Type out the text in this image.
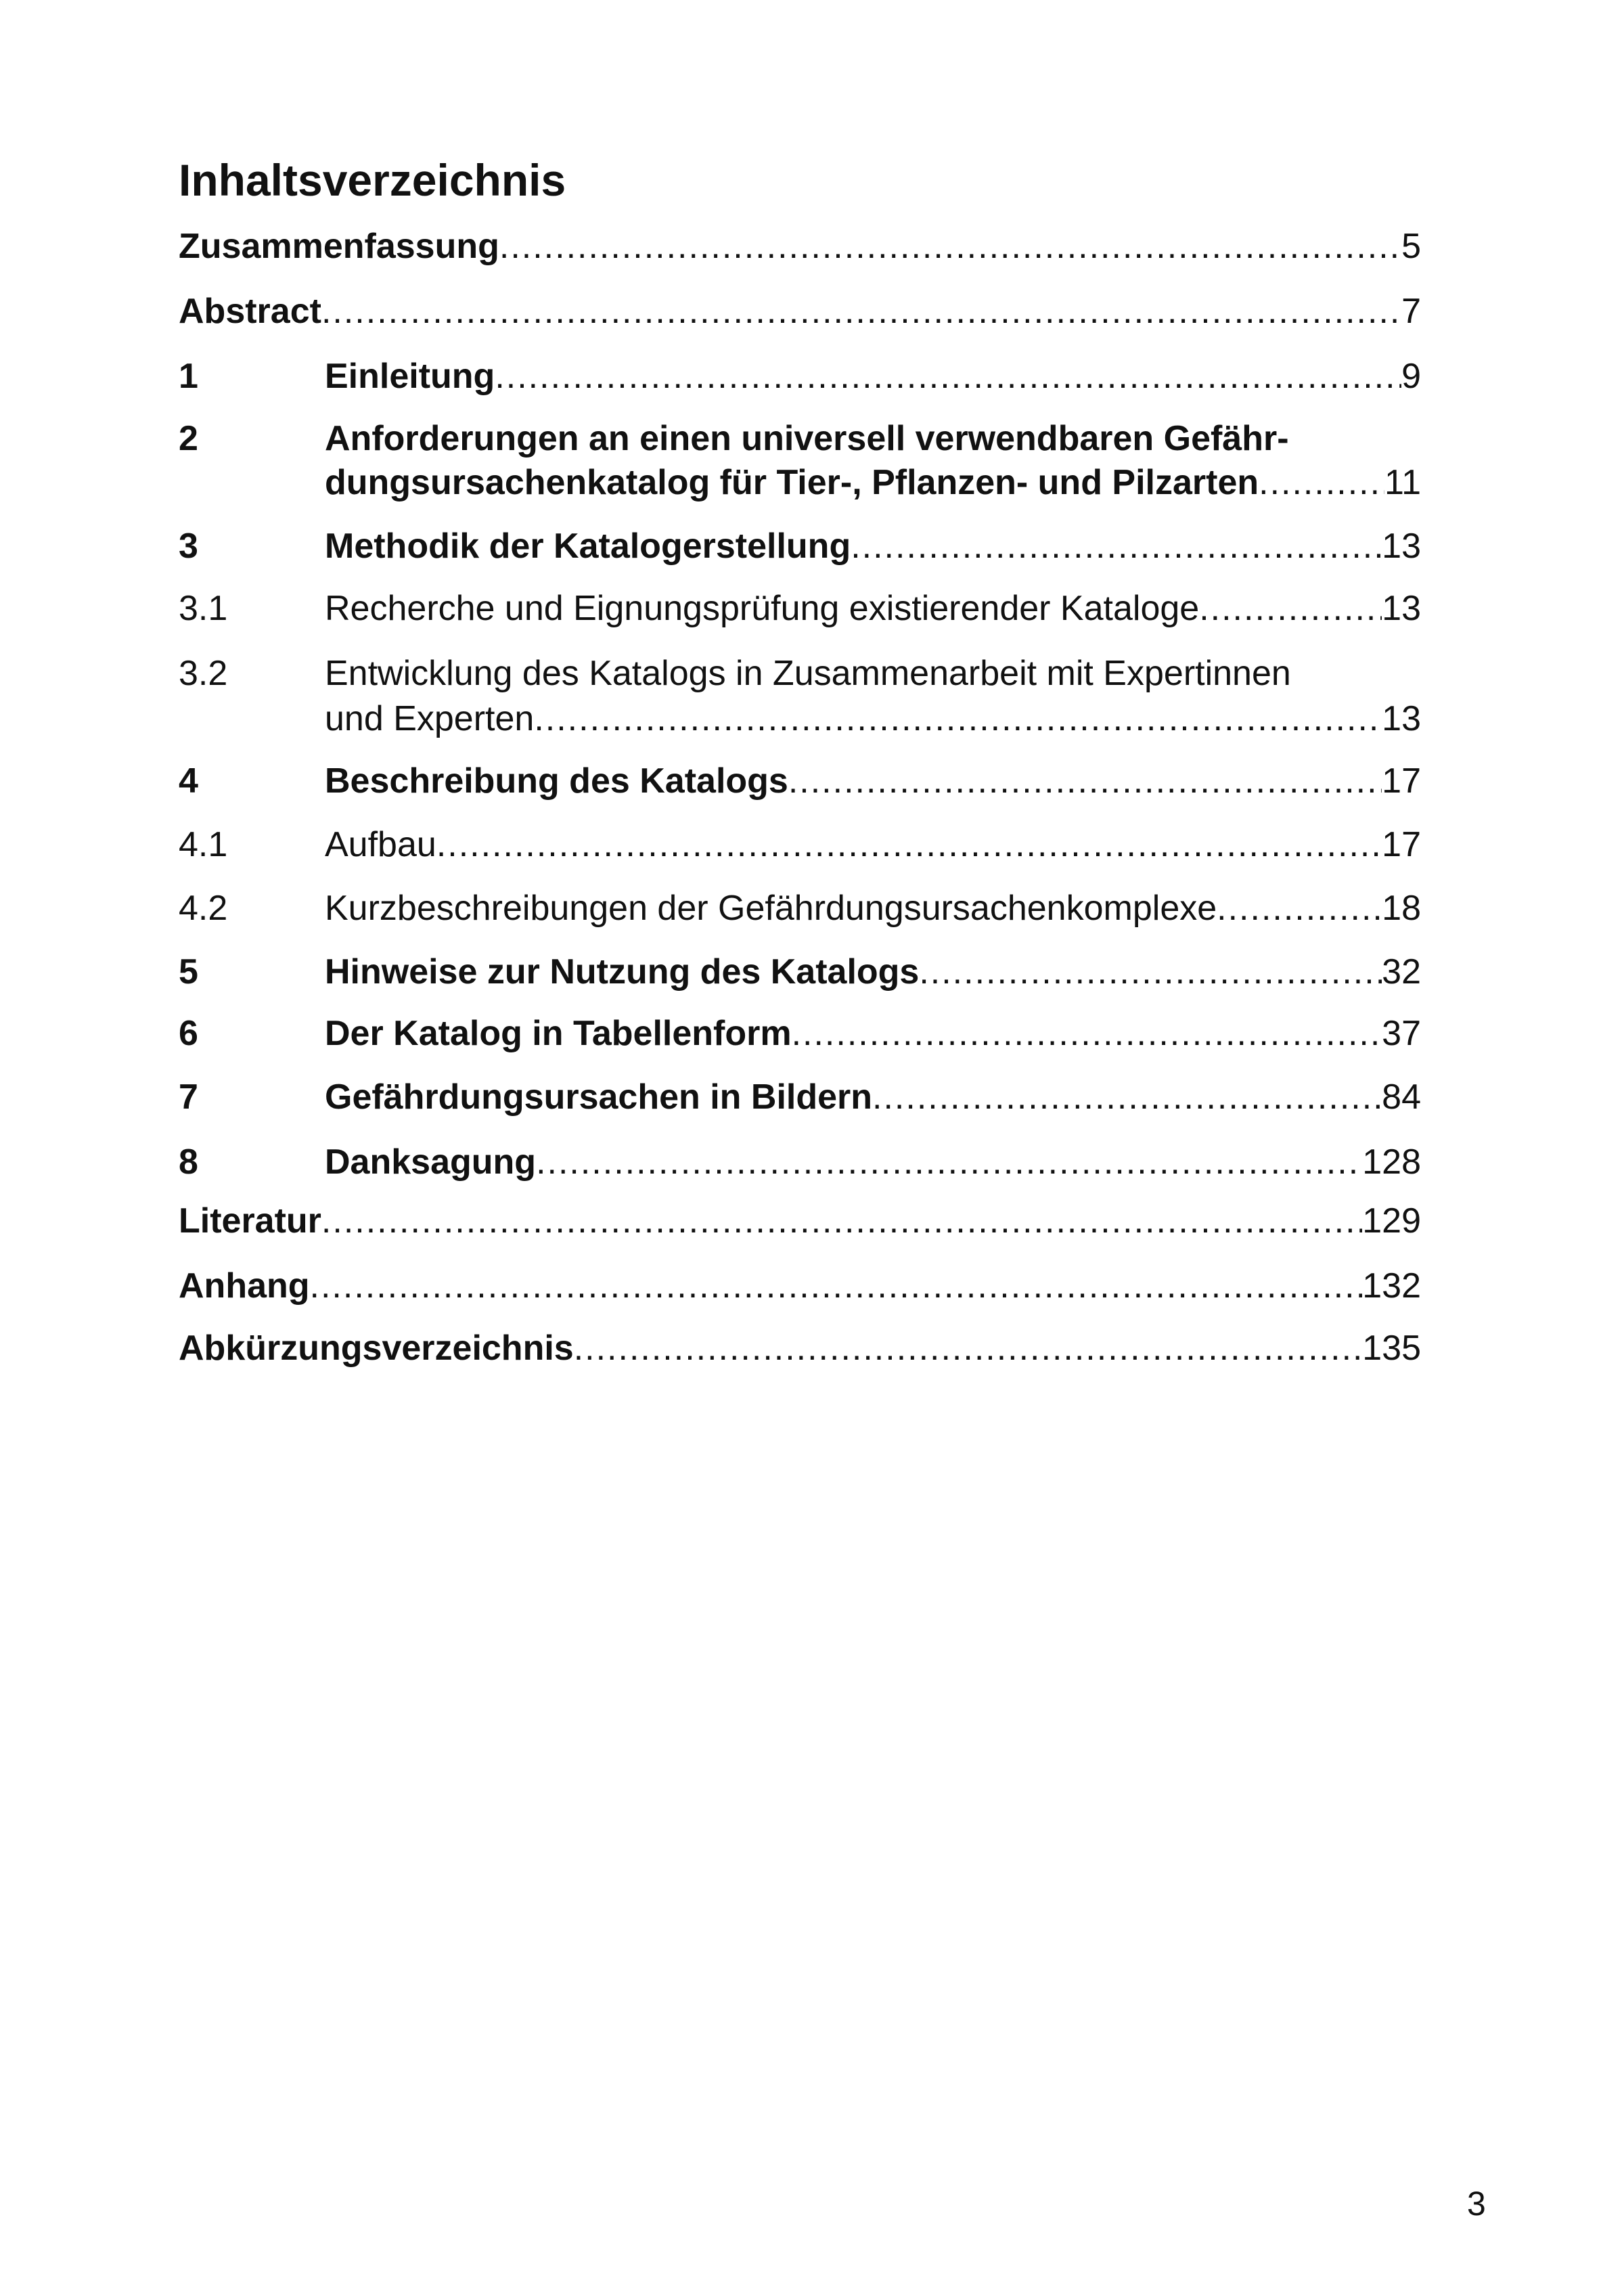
Inhaltsverzeichnis
Zusammenfassung .....	5
Abstract .....	7
1	Einleitung .....	9
2	Anforderungen an einen universell verwendbaren Gefähr-
dungsursachenkatalog für Tier-, Pflanzen- und Pilzarten .....	11
3	Methodik der Katalogerstellung .....	13
3.1	Recherche und Eignungsprüfung existierender Kataloge .....	13
3.2	Entwicklung des Katalogs in Zusammenarbeit mit Expertinnen
und Experten .....	13
4	Beschreibung des Katalogs .....	17
4.1	Aufbau .....	17
4.2	Kurzbeschreibungen der Gefährdungsursachenkomplexe .....	18
5	Hinweise zur Nutzung des Katalogs .....	32
6	Der Katalog in Tabellenform .....	37
7	Gefährdungsursachen in Bildern .....	84
8	Danksagung .....	128
Literatur .....	129
Anhang .....	132
Abkürzungsverzeichnis .....	135
3
